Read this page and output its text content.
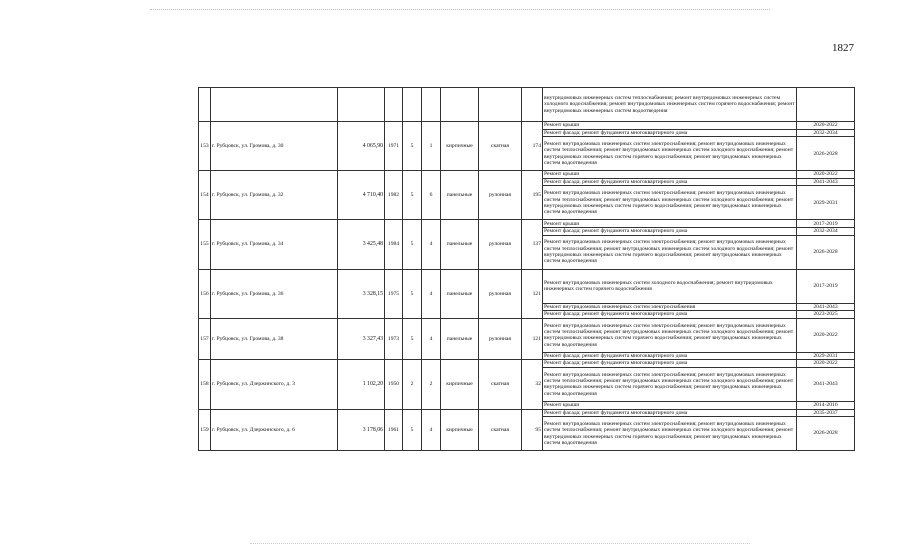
1827
									внутридомовых инженерных систем теплоснабжения; ремонт внутридомовых инженерных систем холодного водоснабжения; ремонт внутридомовых инженерных систем горячего водоснабжения; ремонт внутридомовых инженерных систем водоотведения	
153	г. Рубцовск, ул. Громова, д. 30	4 065,90	1971	5	1	кирпичные	скатная	174	Ремонт крыши	2020-2022
									Ремонт фасада; ремонт фундамента многоквартирного дома	2032-2034
									Ремонт внутридомовых инженерных систем электроснабжения; ремонт внутридомовых инженерных систем теплоснабжения; ремонт внутридомовых инженерных систем холодного водоснабжения; ремонт внутридомовых инженерных систем горячего водоснабжения; ремонт внутридомовых инженерных систем водоотведения	2026-2028
154	г. Рубцовск, ул. Громова, д. 32	4 710,40	1982	5	6	панельные	рулонная	195	Ремонт крыши	2020-2022
									Ремонт фасада; ремонт фундамента многоквартирного дома	2041-2043
									Ремонт внутридомовых инженерных систем электроснабжения; ремонт внутридомовых инженерных систем теплоснабжения; ремонт внутридомовых инженерных систем холодного водоснабжения; ремонт внутридомовых инженерных систем горячего водоснабжения; ремонт внутридомовых инженерных систем водоотведения	2029-2031
155	г. Рубцовск, ул. Громова, д. 34	3 425,48	1984	5	4	панельные	рулонная	137	Ремонт крыши	2017-2019
									Ремонт фасада; ремонт фундамента многоквартирного дома	2032-2034
									Ремонт внутридомовых инженерных систем электроснабжения; ремонт внутридомовых инженерных систем теплоснабжения; ремонт внутридомовых инженерных систем холодного водоснабжения; ремонт внутридомовых инженерных систем горячего водоснабжения; ремонт внутридомовых инженерных систем водоотведения	2026-2028
156	г. Рубцовск, ул. Громова, д. 36	3 328,15	1975	5	4	панельные	рулонная	121	Ремонт внутридомовых инженерных систем холодного водоснабжения; ремонт внутридомовых инженерных систем горячего водоснабжения	2017-2019
									Ремонт внутридомовых инженерных систем электроснабжения	2041-2043
									Ремонт фасада; ремонт фундамента многоквартирного дома	2023-2025
157	г. Рубцовск, ул. Громова, д. 38	3 327,43	1973	5	4	панельные	рулонная	121	Ремонт внутридомовых инженерных систем электроснабжения; ремонт внутридомовых инженерных систем теплоснабжения; ремонт внутридомовых инженерных систем холодного водоснабжения; ремонт внутридомовых инженерных систем горячего водоснабжения; ремонт внутридомовых инженерных систем водоотведения	2020-2022
									Ремонт фасада; ремонт фундамента многоквартирного дома	2029-2031
158	г. Рубцовск, ул. Дзержинского, д. 3	1 102,20	1950	2	2	кирпичные	скатная	32	Ремонт фасада; ремонт фундамента многоквартирного дома	2020-2022
									Ремонт внутридомовых инженерных систем электроснабжения; ремонт внутридомовых инженерных систем теплоснабжения; ремонт внутридомовых инженерных систем холодного водоснабжения; ремонт внутридомовых инженерных систем горячего водоснабжения; ремонт внутридомовых инженерных систем водоотведения	2041-2043
									Ремонт крыши	2014-2016
159	г. Рубцовск, ул. Дзержинского, д. 6	3 178,06	1961	5	4	кирпичные	скатная	95	Ремонт фасада; ремонт фундамента многоквартирного дома	2035-2037
									Ремонт внутридомовых инженерных систем электроснабжения; ремонт внутридомовых инженерных систем теплоснабжения; ремонт внутридомовых инженерных систем холодного водоснабжения; ремонт внутридомовых инженерных систем горячего водоснабжения; ремонт внутридомовых инженерных систем водоотведения	2026-2028
